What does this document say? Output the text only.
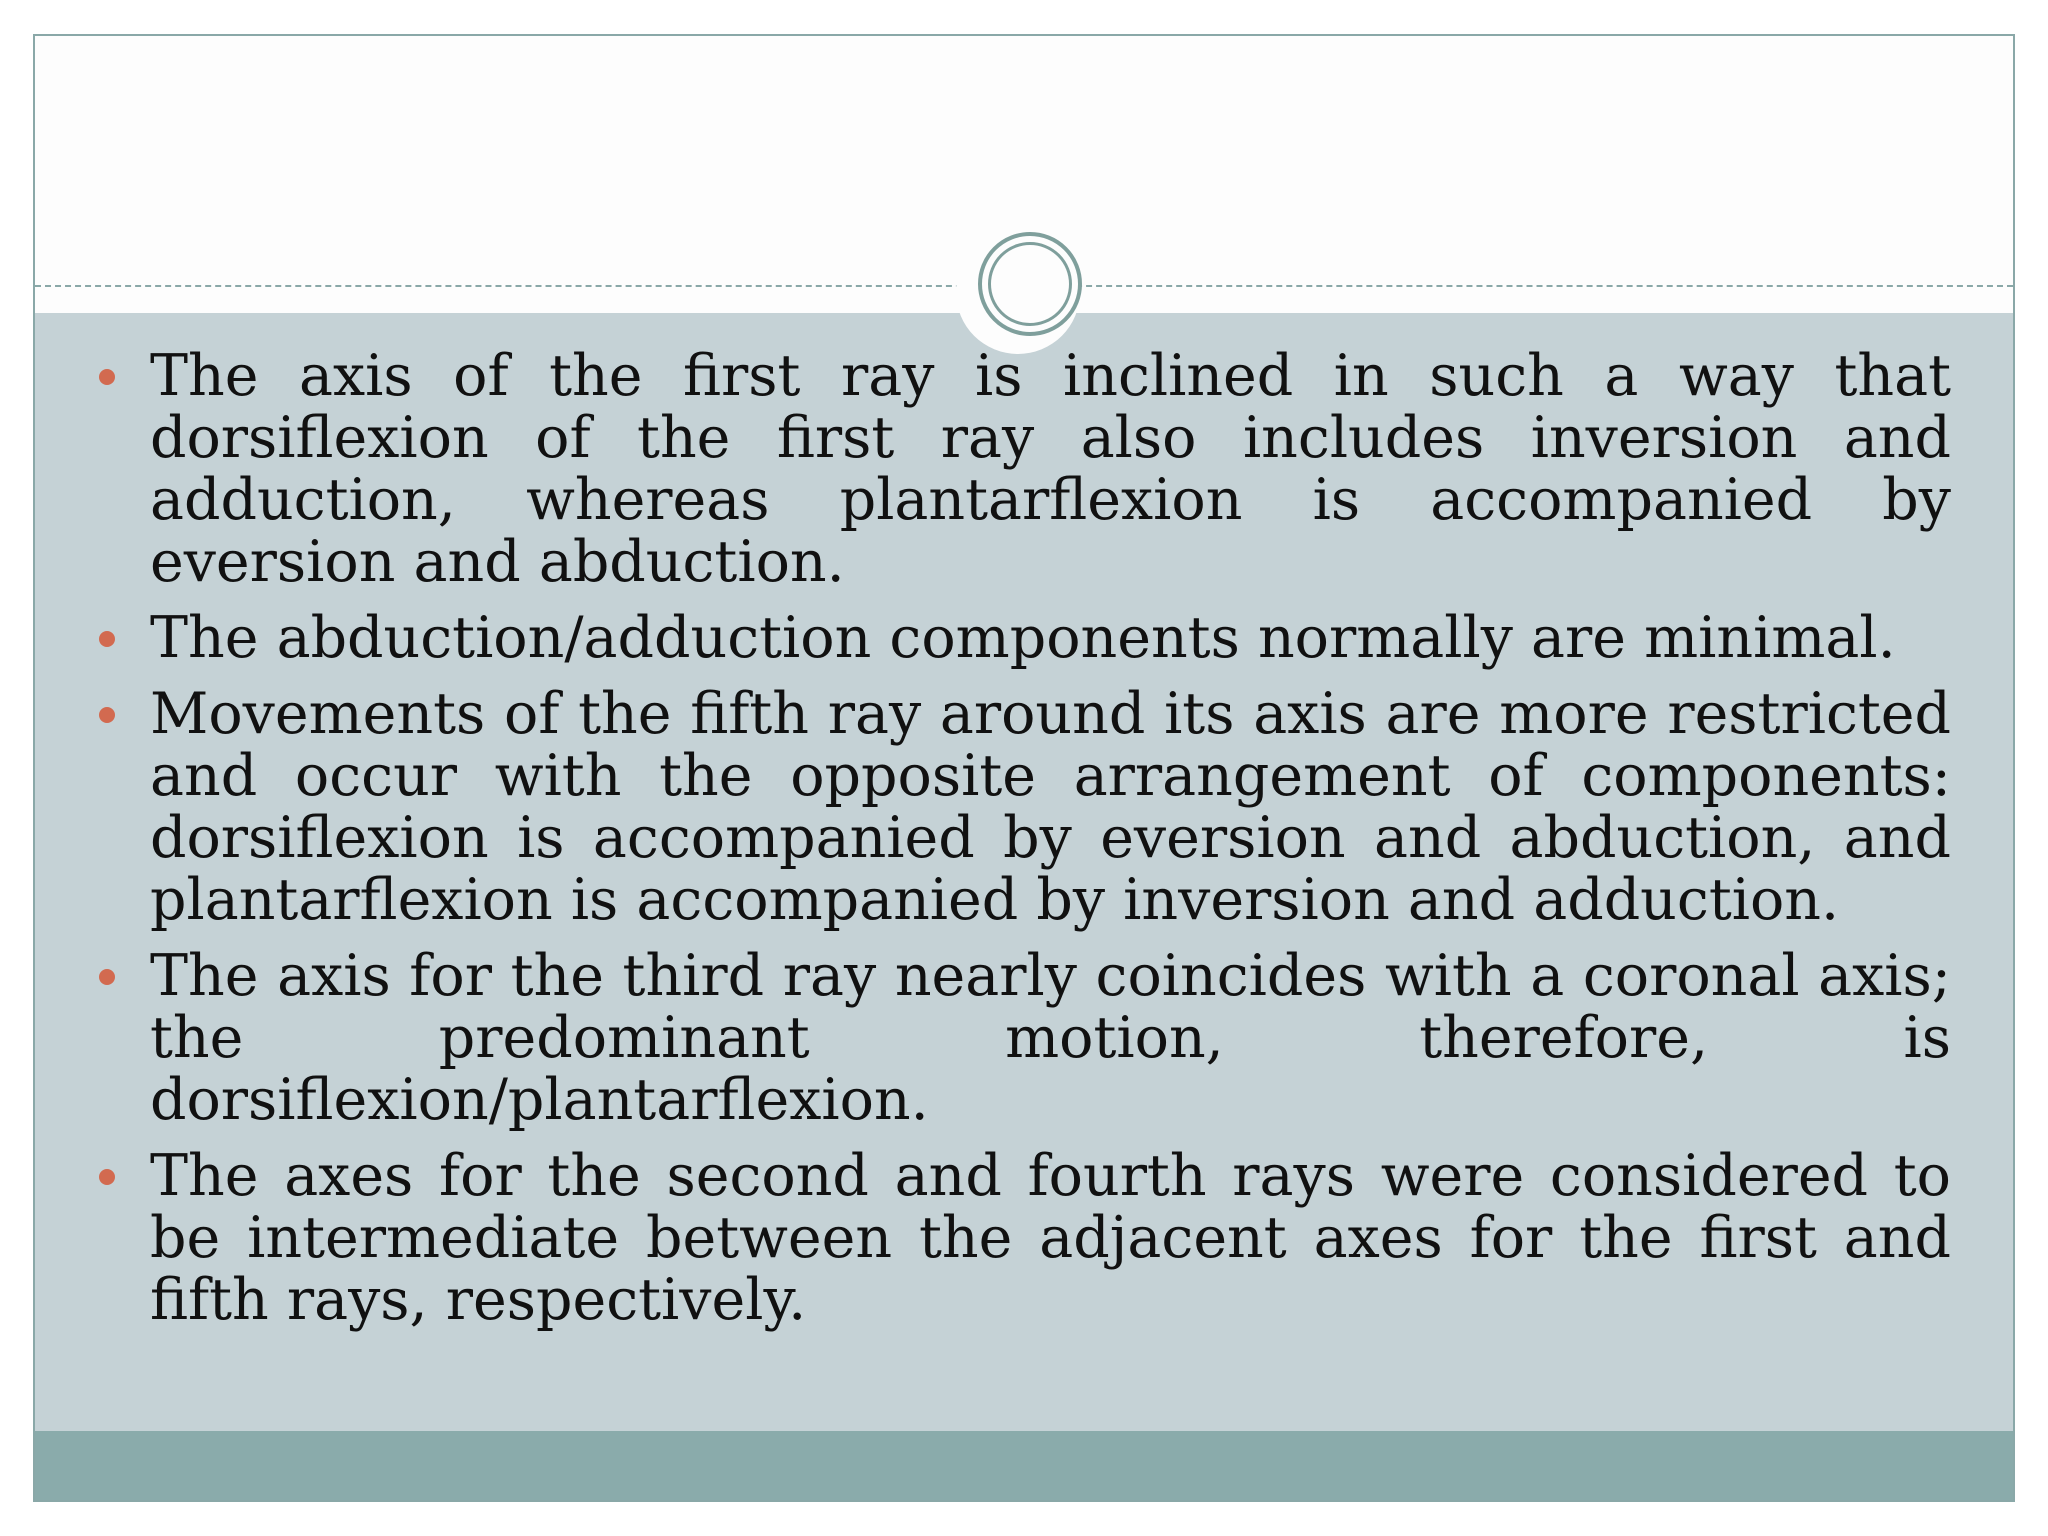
The axis of the first ray is inclined in such a way that dorsiflexion of the first ray also includes inversion and adduction, whereas plantarflexion is accompanied by eversion and abduction.
The abduction/adduction components normally are minimal.
Movements of the fifth ray around its axis are more restricted and occur with the opposite arrangement of components: dorsiflexion is accompanied by eversion and abduction, and plantarflexion is accompanied by inversion and adduction.
The axis for the third ray nearly coincides with a coronal axis; the predominant motion, therefore, is dorsiflexion/plantarflexion.
The axes for the second and fourth rays were considered to be intermediate between the adjacent axes for the first and fifth rays, respectively.
